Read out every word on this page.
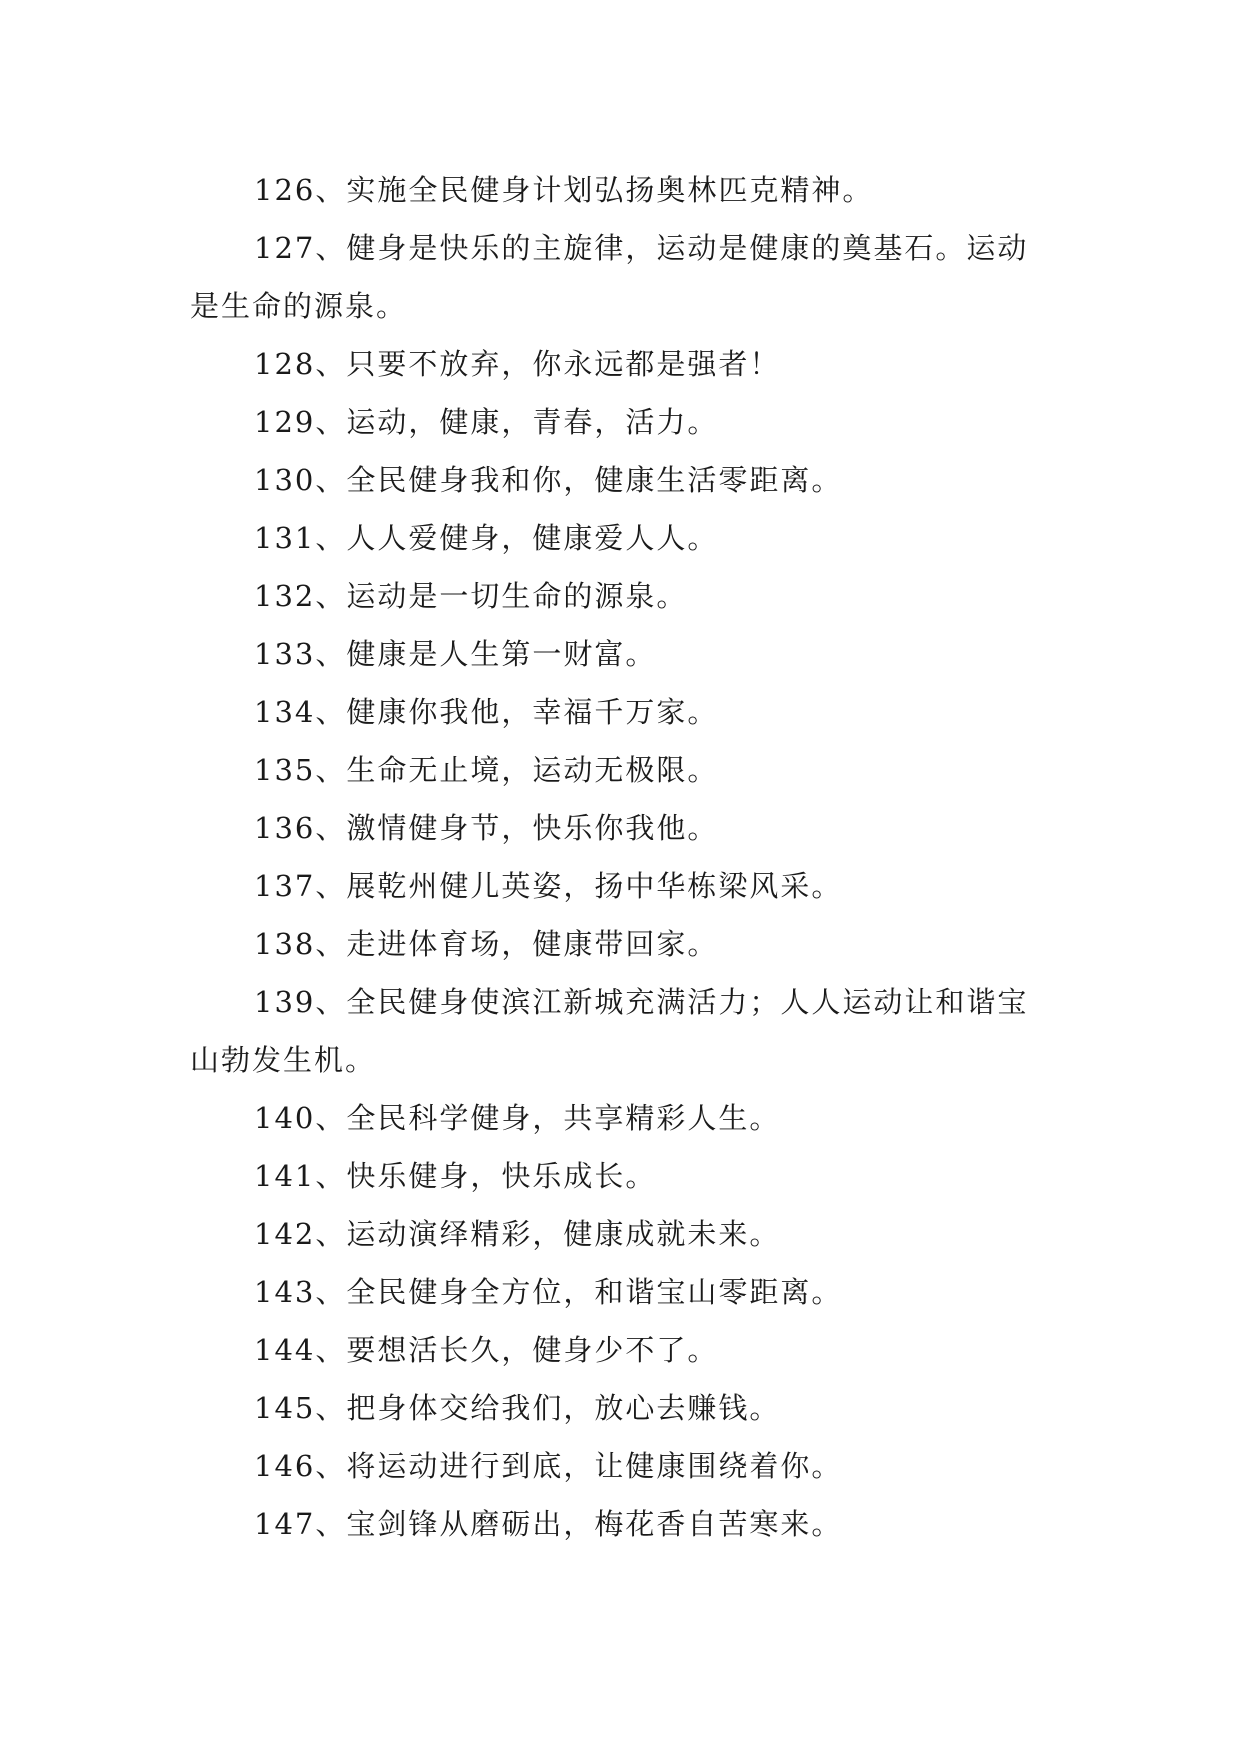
126、实施全民健身计划弘扬奥林匹克精神。

127、健身是快乐的主旋律，运动是健康的奠基石。运动是生命的源泉。

128、只要不放弃，你永远都是强者！

129、运动，健康，青春，活力。

130、全民健身我和你，健康生活零距离。

131、人人爱健身，健康爱人人。

132、运动是一切生命的源泉。

133、健康是人生第一财富。

134、健康你我他，幸福千万家。

135、生命无止境，运动无极限。

136、激情健身节，快乐你我他。

137、展乾州健儿英姿，扬中华栋梁风采。

138、走进体育场，健康带回家。

139、全民健身使滨江新城充满活力；人人运动让和谐宝山勃发生机。

140、全民科学健身，共享精彩人生。

141、快乐健身，快乐成长。

142、运动演绎精彩，健康成就未来。

143、全民健身全方位，和谐宝山零距离。

144、要想活长久，健身少不了。

145、把身体交给我们，放心去赚钱。

146、将运动进行到底，让健康围绕着你。

147、宝剑锋从磨砺出，梅花香自苦寒来。
